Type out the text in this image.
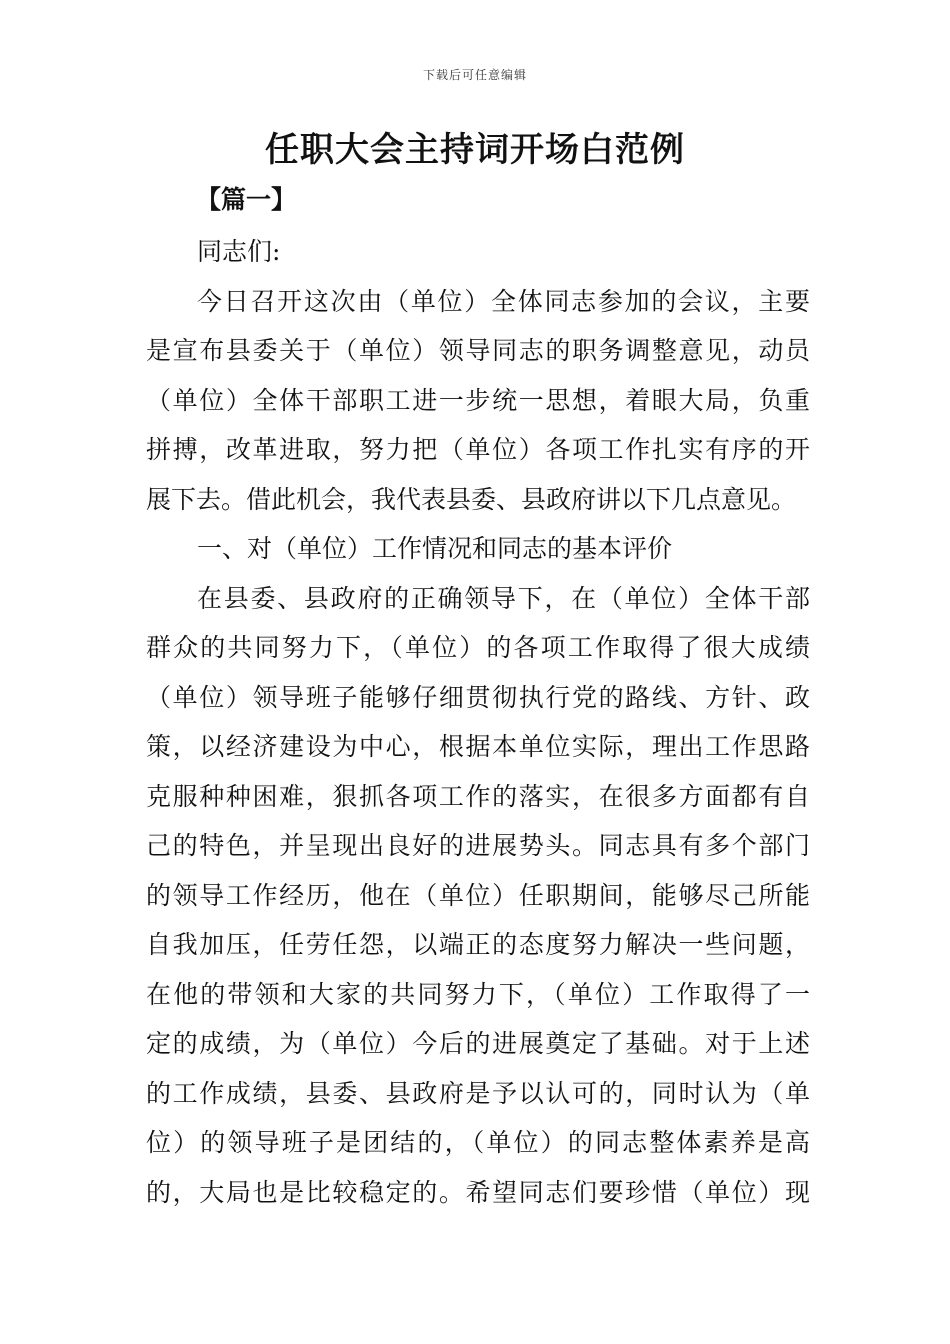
下载后可任意编辑
任职大会主持词开场白范例
【篇一】
同志们:
今日召开这次由（单位）全体同志参加的会议，主要
是宣布县委关于（单位）领导同志的职务调整意见，动员
（单位）全体干部职工进一步统一思想，着眼大局，负重
拼搏，改革进取，努力把（单位）各项工作扎实有序的开
展下去。借此机会，我代表县委、县政府讲以下几点意见。
一、对（单位）工作情况和同志的基本评价
在县委、县政府的正确领导下，在（单位）全体干部
群众的共同努力下，（单位）的各项工作取得了很大成绩
（单位）领导班子能够仔细贯彻执行党的路线、方针、政
策，以经济建设为中心，根据本单位实际，理出工作思路
克服种种困难，狠抓各项工作的落实，在很多方面都有自
己的特色，并呈现出良好的进展势头。同志具有多个部门
的领导工作经历，他在（单位）任职期间，能够尽己所能
自我加压，任劳任怨，以端正的态度努力解决一些问题，
在他的带领和大家的共同努力下，（单位）工作取得了一
定的成绩，为（单位）今后的进展奠定了基础。对于上述
的工作成绩，县委、县政府是予以认可的，同时认为（单
位）的领导班子是团结的，（单位）的同志整体素养是高
的，大局也是比较稳定的。希望同志们要珍惜（单位）现
